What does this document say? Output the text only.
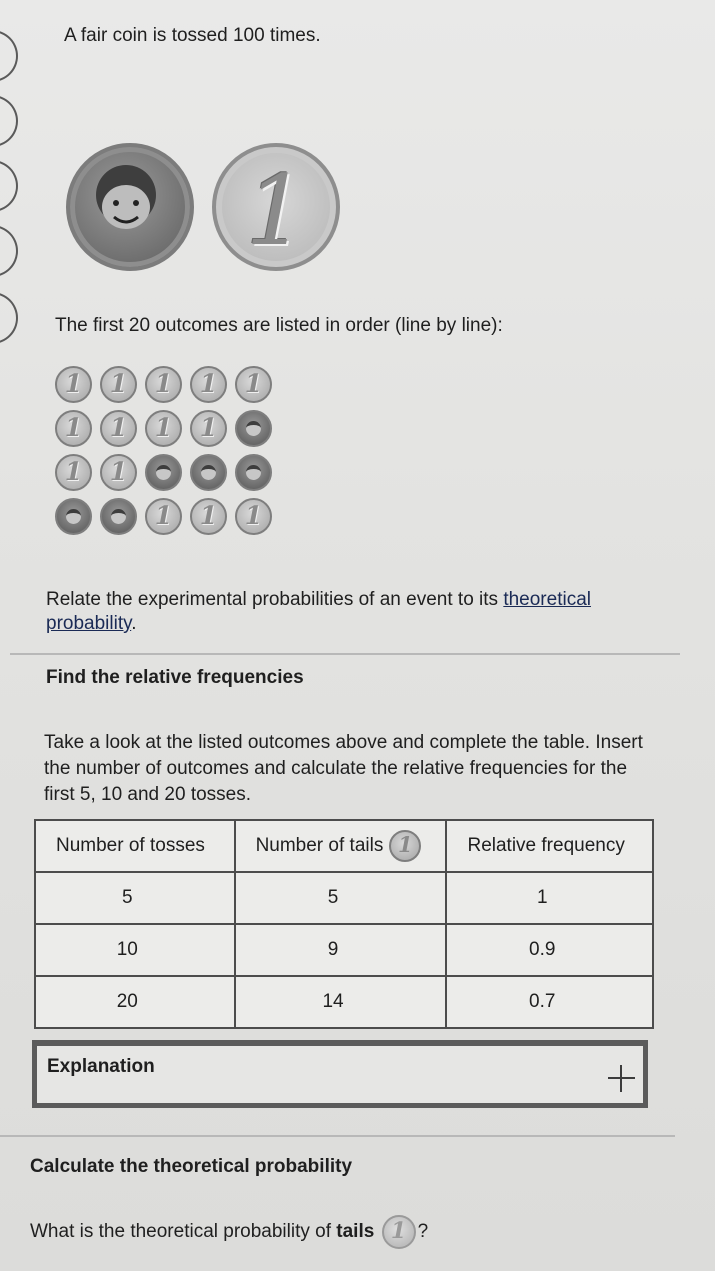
A fair coin is tossed 100 times.
1
The first 20 outcomes are listed in order (line by line):
1	1	1	1	1
1	1	1	1
1	1
1	1	1
Relate the experimental probabilities of an event to its theoretical probability.
Find the relative frequencies
Take a look at the listed outcomes above and complete the table. Insert the number of outcomes and calculate the relative frequencies for the first 5, 10 and 20 tosses.
Number of tosses	Number of tails 1	Relative frequency
5	5	1
10	9	0.9
20	14	0.7
Explanation
Calculate the theoretical probability
What is the theoretical probability of tails 1 ?
